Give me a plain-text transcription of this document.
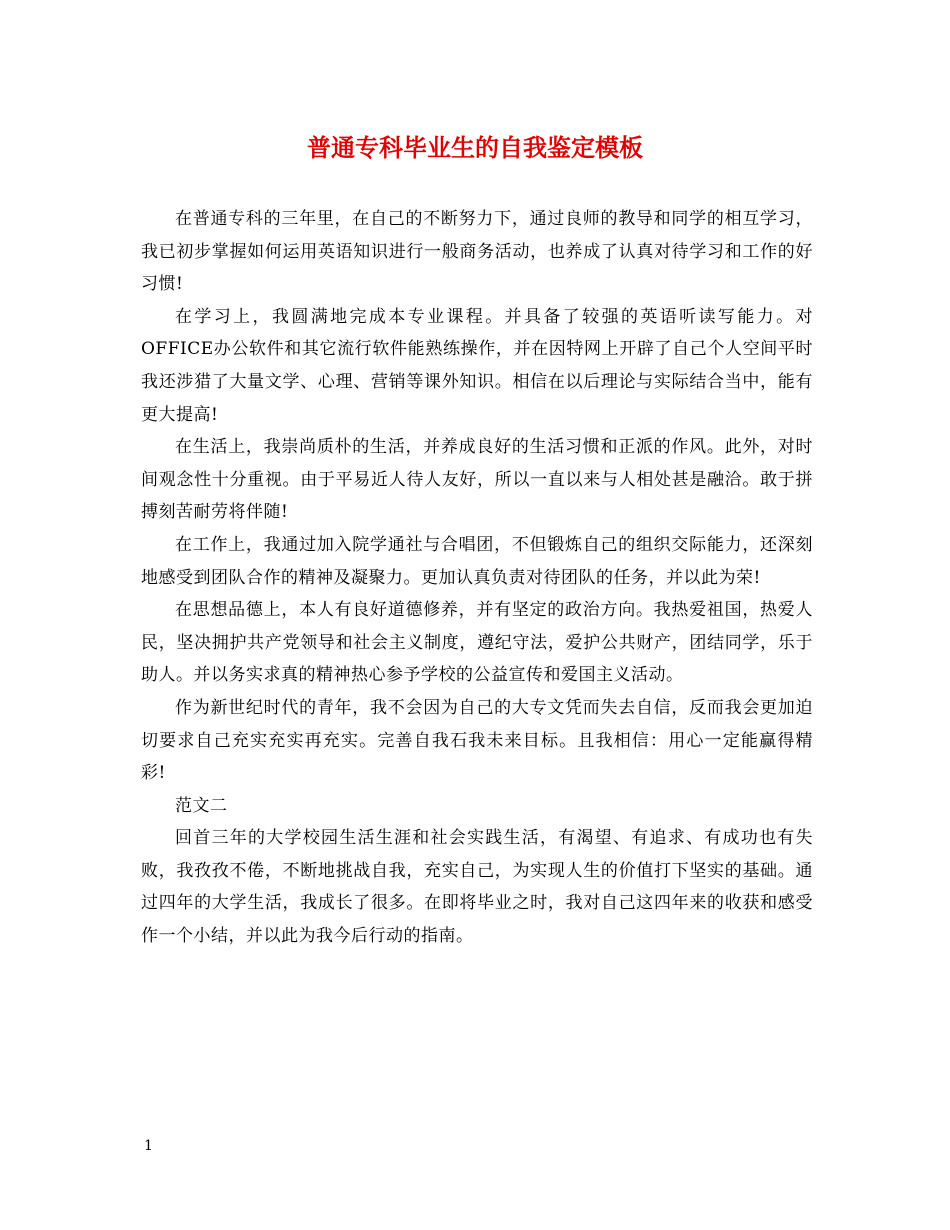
普通专科毕业生的自我鉴定模板

在普通专科的三年里，在自己的不断努力下，通过良师的教导和同学的相互学习，我已初步掌握如何运用英语知识进行一般商务活动，也养成了认真对待学习和工作的好习惯!

在学习上，我圆满地完成本专业课程。并具备了较强的英语听读写能力。对OFFICE办公软件和其它流行软件能熟练操作，并在因特网上开辟了自己个人空间平时我还涉猎了大量文学、心理、营销等课外知识。相信在以后理论与实际结合当中，能有更大提高!

在生活上，我崇尚质朴的生活，并养成良好的生活习惯和正派的作风。此外，对时间观念性十分重视。由于平易近人待人友好，所以一直以来与人相处甚是融洽。敢于拼搏刻苦耐劳将伴随!

在工作上，我通过加入院学通社与合唱团，不但锻炼自己的组织交际能力，还深刻地感受到团队合作的精神及凝聚力。更加认真负责对待团队的任务，并以此为荣!

在思想品德上，本人有良好道德修养，并有坚定的政治方向。我热爱祖国，热爱人民，坚决拥护共产党领导和社会主义制度，遵纪守法，爱护公共财产，团结同学，乐于助人。并以务实求真的精神热心参予学校的公益宣传和爱国主义活动。

作为新世纪时代的青年，我不会因为自己的大专文凭而失去自信，反而我会更加迫切要求自己充实充实再充实。完善自我石我未来目标。且我相信：用心一定能赢得精彩!

范文二

回首三年的大学校园生活生涯和社会实践生活，有渴望、有追求、有成功也有失败，我孜孜不倦，不断地挑战自我，充实自己，为实现人生的价值打下坚实的基础。通过四年的大学生活，我成长了很多。在即将毕业之时，我对自己这四年来的收获和感受作一个小结，并以此为我今后行动的指南。

1
